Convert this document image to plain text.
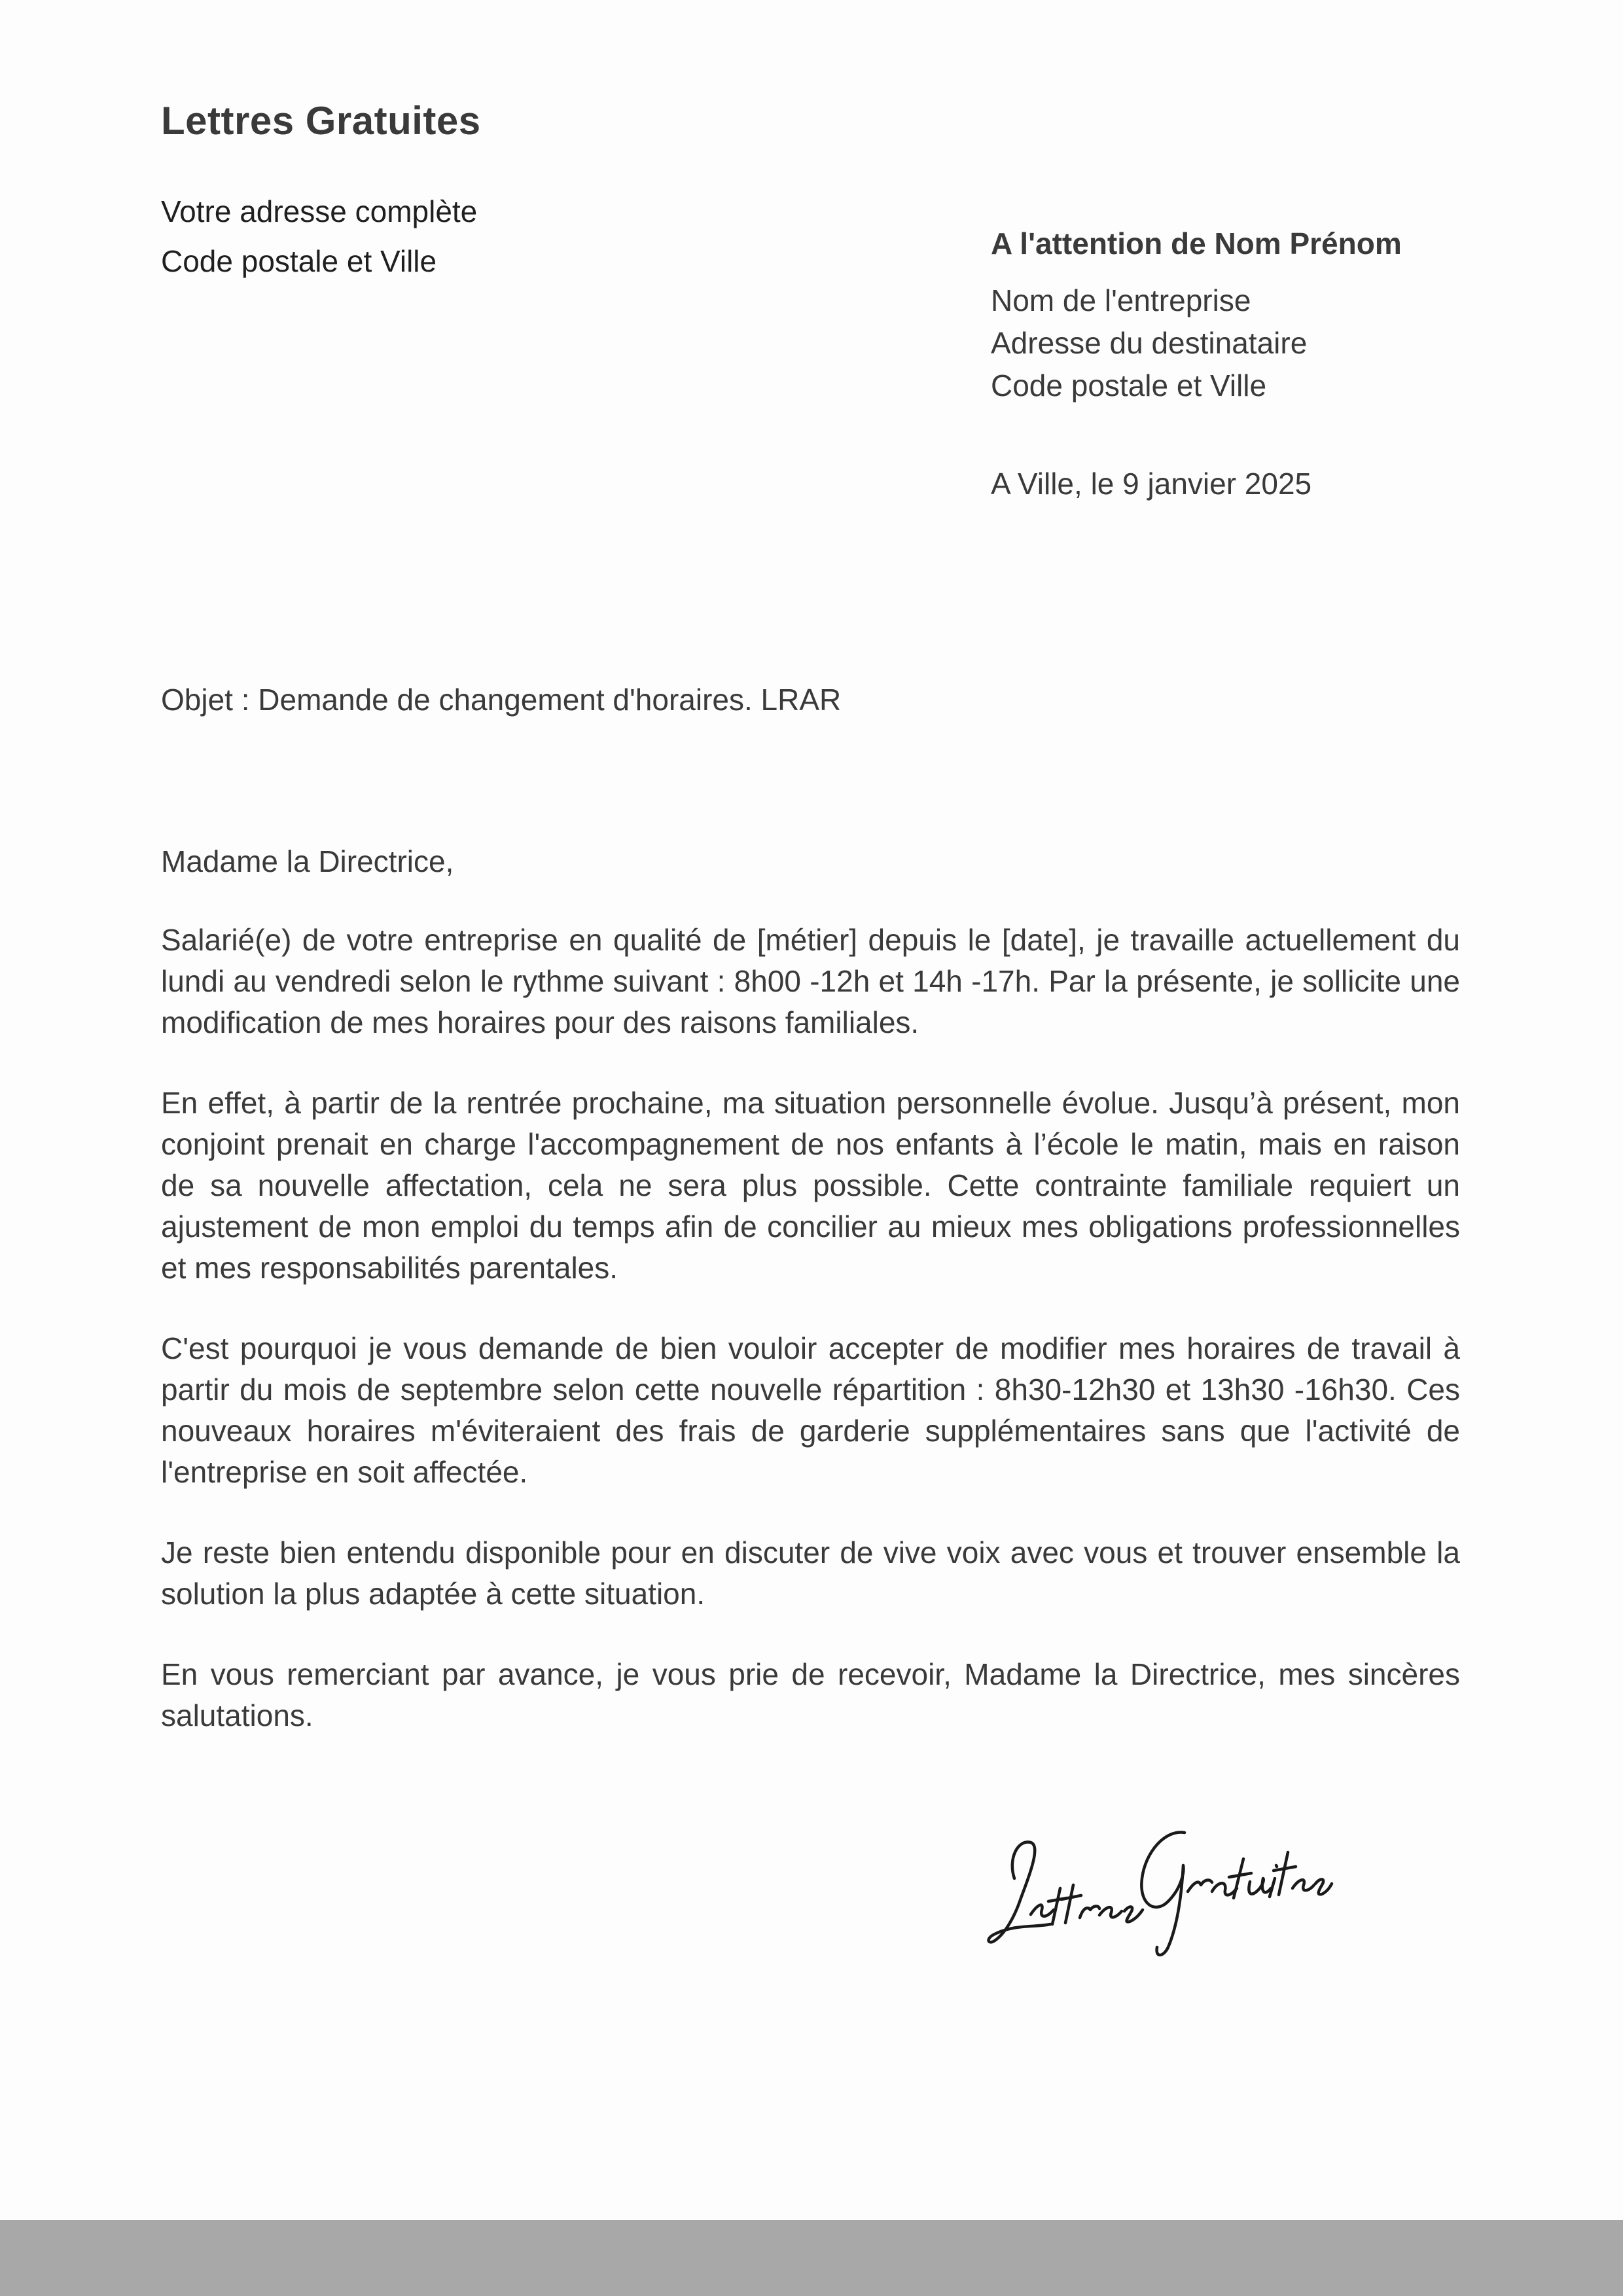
Lettres Gratuites
Votre adresse complète
Code postale et Ville
A l'attention de Nom Prénom
Nom de l'entreprise
Adresse du destinataire
Code postale et Ville
A Ville, le 9 janvier 2025
Objet : Demande de changement d'horaires. LRAR

Madame la Directrice,

Salarié(e) de votre entreprise en qualité de [métier] depuis le [date], je travaille actuellement du lundi au vendredi selon le rythme suivant : 8h00 -12h et 14h -17h. Par la présente, je sollicite une modification de mes horaires pour des raisons familiales.

En effet, à partir de la rentrée prochaine, ma situation personnelle évolue. Jusqu’à présent, mon conjoint prenait en charge l'accompagnement de nos enfants à l’école le matin, mais en raison de sa nouvelle affectation, cela ne sera plus possible. Cette contrainte familiale requiert un ajustement de mon emploi du temps afin de concilier au mieux mes obligations professionnelles et mes responsabilités parentales.

C'est pourquoi je vous demande de bien vouloir accepter de modifier mes horaires de travail à partir du mois de septembre selon cette nouvelle répartition : 8h30-12h30 et 13h30 -16h30. Ces nouveaux horaires m'éviteraient des frais de garderie supplémentaires sans que l'activité de l'entreprise en soit affectée.

Je reste bien entendu disponible pour en discuter de vive voix avec vous et trouver ensemble la solution la plus adaptée à cette situation.

En vous remerciant par avance, je vous prie de recevoir, Madame la Directrice, mes sincères salutations.
